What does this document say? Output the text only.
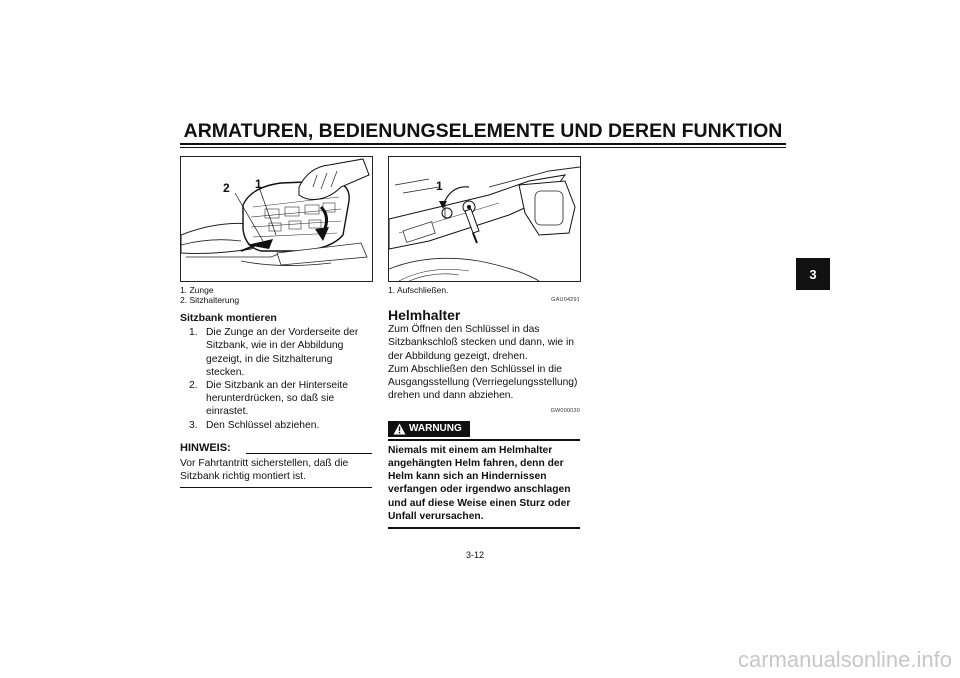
ARMATUREN, BEDIENUNGSELEMENTE UND DEREN FUNKTION
3
2 1
1. Zunge
2. Sitzhalterung
1
1. Aufschließen.
Sitzbank montieren
1. Die Zunge an der Vorderseite der Sitzbank, wie in der Abbildung gezeigt, in die Sitzhalterung stecken.
2. Die Sitzbank an der Hinterseite herunterdrücken, so daß sie einrastet.
3. Den Schlüssel abziehen.
HINWEIS:
Vor Fahrtantritt sicherstellen, daß die Sitzbank richtig montiert ist.
GAU04291
Helmhalter
Zum Öffnen den Schlüssel in das Sitzbankschloß stecken und dann, wie in der Abbildung gezeigt, drehen.
Zum Abschließen den Schlüssel in die Ausgangsstellung (Verriegelungsstellung) drehen und dann abziehen.
GW000030
WARNUNG
Niemals mit einem am Helmhalter angehängten Helm fahren, denn der Helm kann sich an Hindernissen verfangen oder irgendwo anschlagen und auf diese Weise einen Sturz oder Unfall verursachen.
3-12
carmanualsonline.info
